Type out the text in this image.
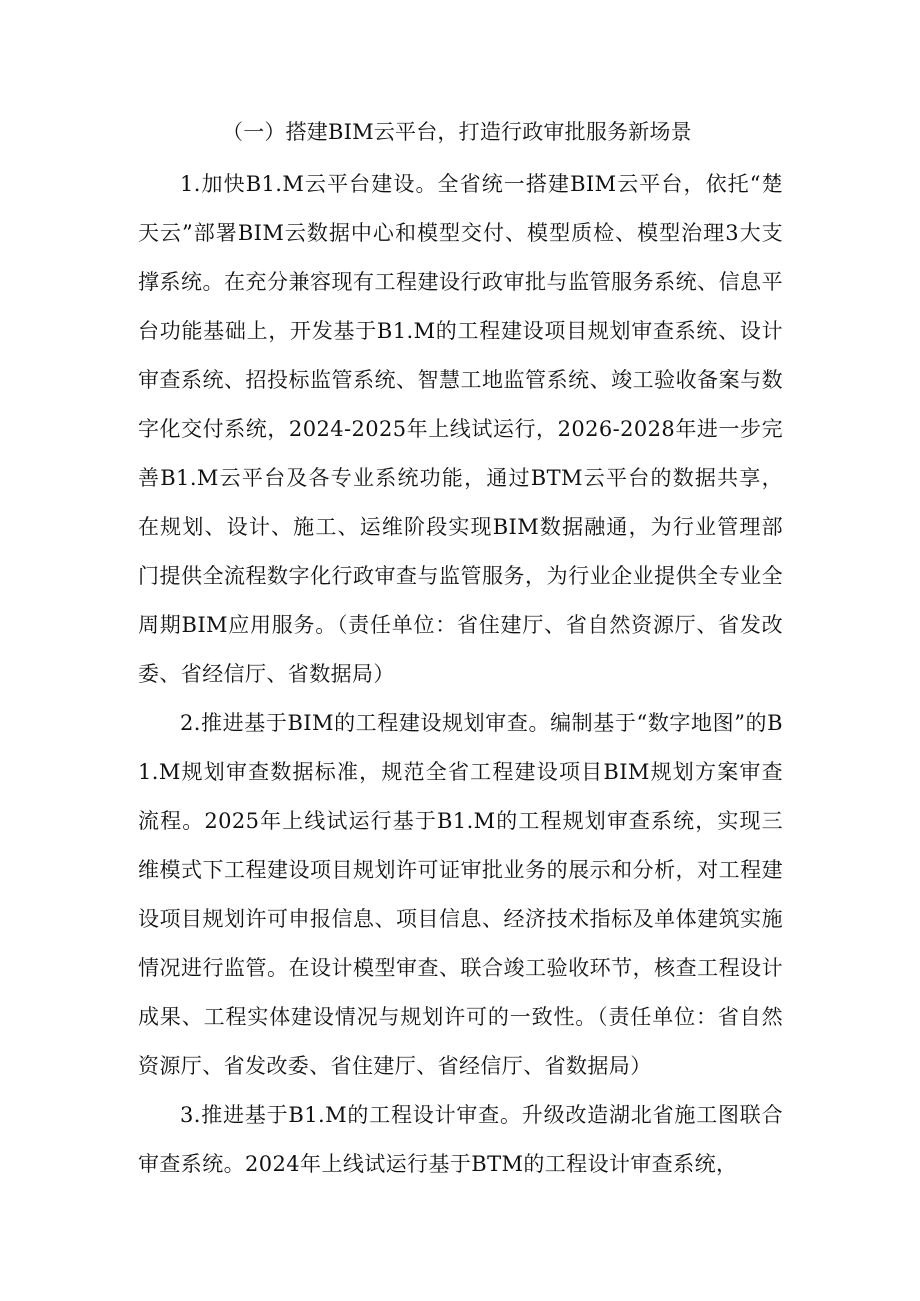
（一）搭建BIM云平台，打造行政审批服务新场景

1.加快B1.M云平台建设。全省统一搭建BIM云平台，依托“楚天云”部署BIM云数据中心和模型交付、模型质检、模型治理3大支撑系统。在充分兼容现有工程建设行政审批与监管服务系统、信息平台功能基础上，开发基于B1.M的工程建设项目规划审查系统、设计审查系统、招投标监管系统、智慧工地监管系统、竣工验收备案与数字化交付系统，2024-2025年上线试运行，2026-2028年进一步完善B1.M云平台及各专业系统功能，通过BTM云平台的数据共享，在规划、设计、施工、运维阶段实现BIM数据融通，为行业管理部门提供全流程数字化行政审查与监管服务，为行业企业提供全专业全周期BIM应用服务。（责任单位：省住建厅、省自然资源厅、省发改委、省经信厅、省数据局）

2.推进基于BIM的工程建设规划审查。编制基于“数字地图”的B1.M规划审查数据标准，规范全省工程建设项目BIM规划方案审查流程。2025年上线试运行基于B1.M的工程规划审查系统，实现三维模式下工程建设项目规划许可证审批业务的展示和分析，对工程建设项目规划许可申报信息、项目信息、经济技术指标及单体建筑实施情况进行监管。在设计模型审查、联合竣工验收环节，核查工程设计成果、工程实体建设情况与规划许可的一致性。（责任单位：省自然资源厅、省发改委、省住建厅、省经信厅、省数据局）

3.推进基于B1.M的工程设计审查。升级改造湖北省施工图联合审查系统。2024年上线试运行基于BTM的工程设计审查系统，
